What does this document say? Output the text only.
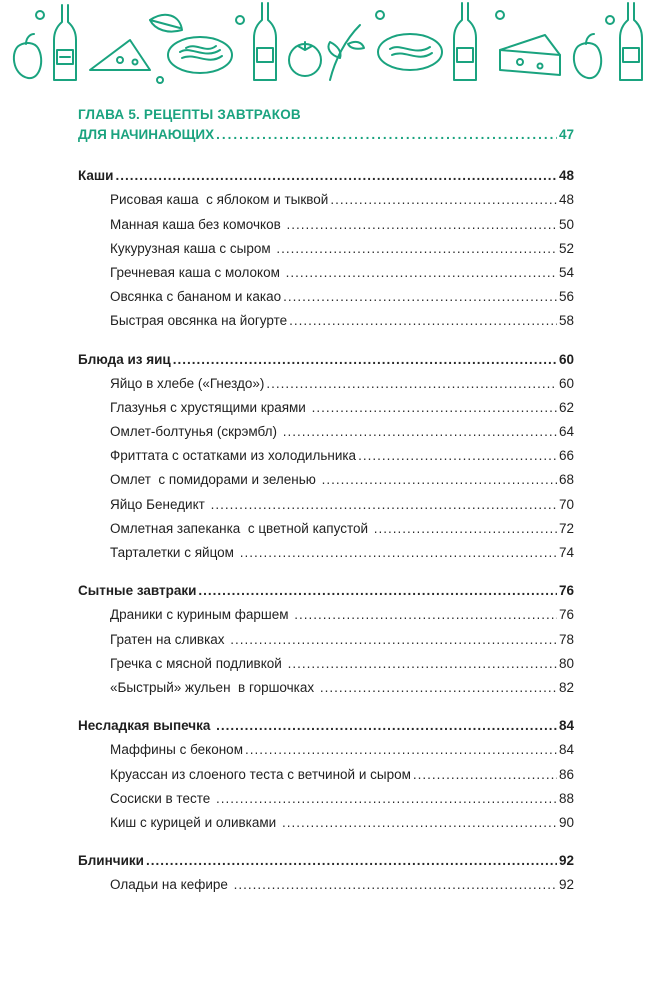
ГЛАВА 5. РЕЦЕПТЫ ЗАВТРАКОВ
ДЛЯ НАЧИНАЮЩИХ .....	47
Каши .....	48
Рисовая каша  с яблоком и тыквой .....	48
Манная каша без комочков .....	50
Кукурузная каша с сыром .....	52
Гречневая каша с молоком .....	54
Овсянка с бананом и какао .....	56
Быстрая овсянка на йогурте .....	58
Блюда из яиц .....	60
Яйцо в хлебе («Гнездо») .....	60
Глазунья с хрустящими краями .....	62
Омлет-болтунья (скрэмбл) .....	64
Фриттата с остатками из холодильника .....	66
Омлет  с помидорами и зеленью .....	68
Яйцо Бенедикт .....	70
Омлетная запеканка  с цветной капустой .....	72
Тарталетки с яйцом .....	74
Сытные завтраки .....	76
Драники с куриным фаршем .....	76
Гратен на сливках .....	78
Гречка с мясной подливкой .....	80
«Быстрый» жульен  в горшочках .....	82
Несладкая выпечка .....	84
Маффины с беконом .....	84
Круассан из слоеного теста с ветчиной и сыром .....	86
Сосиски в тесте .....	88
Киш с курицей и оливками .....	90
Блинчики .....	92
Оладьи на кефире .....	92
